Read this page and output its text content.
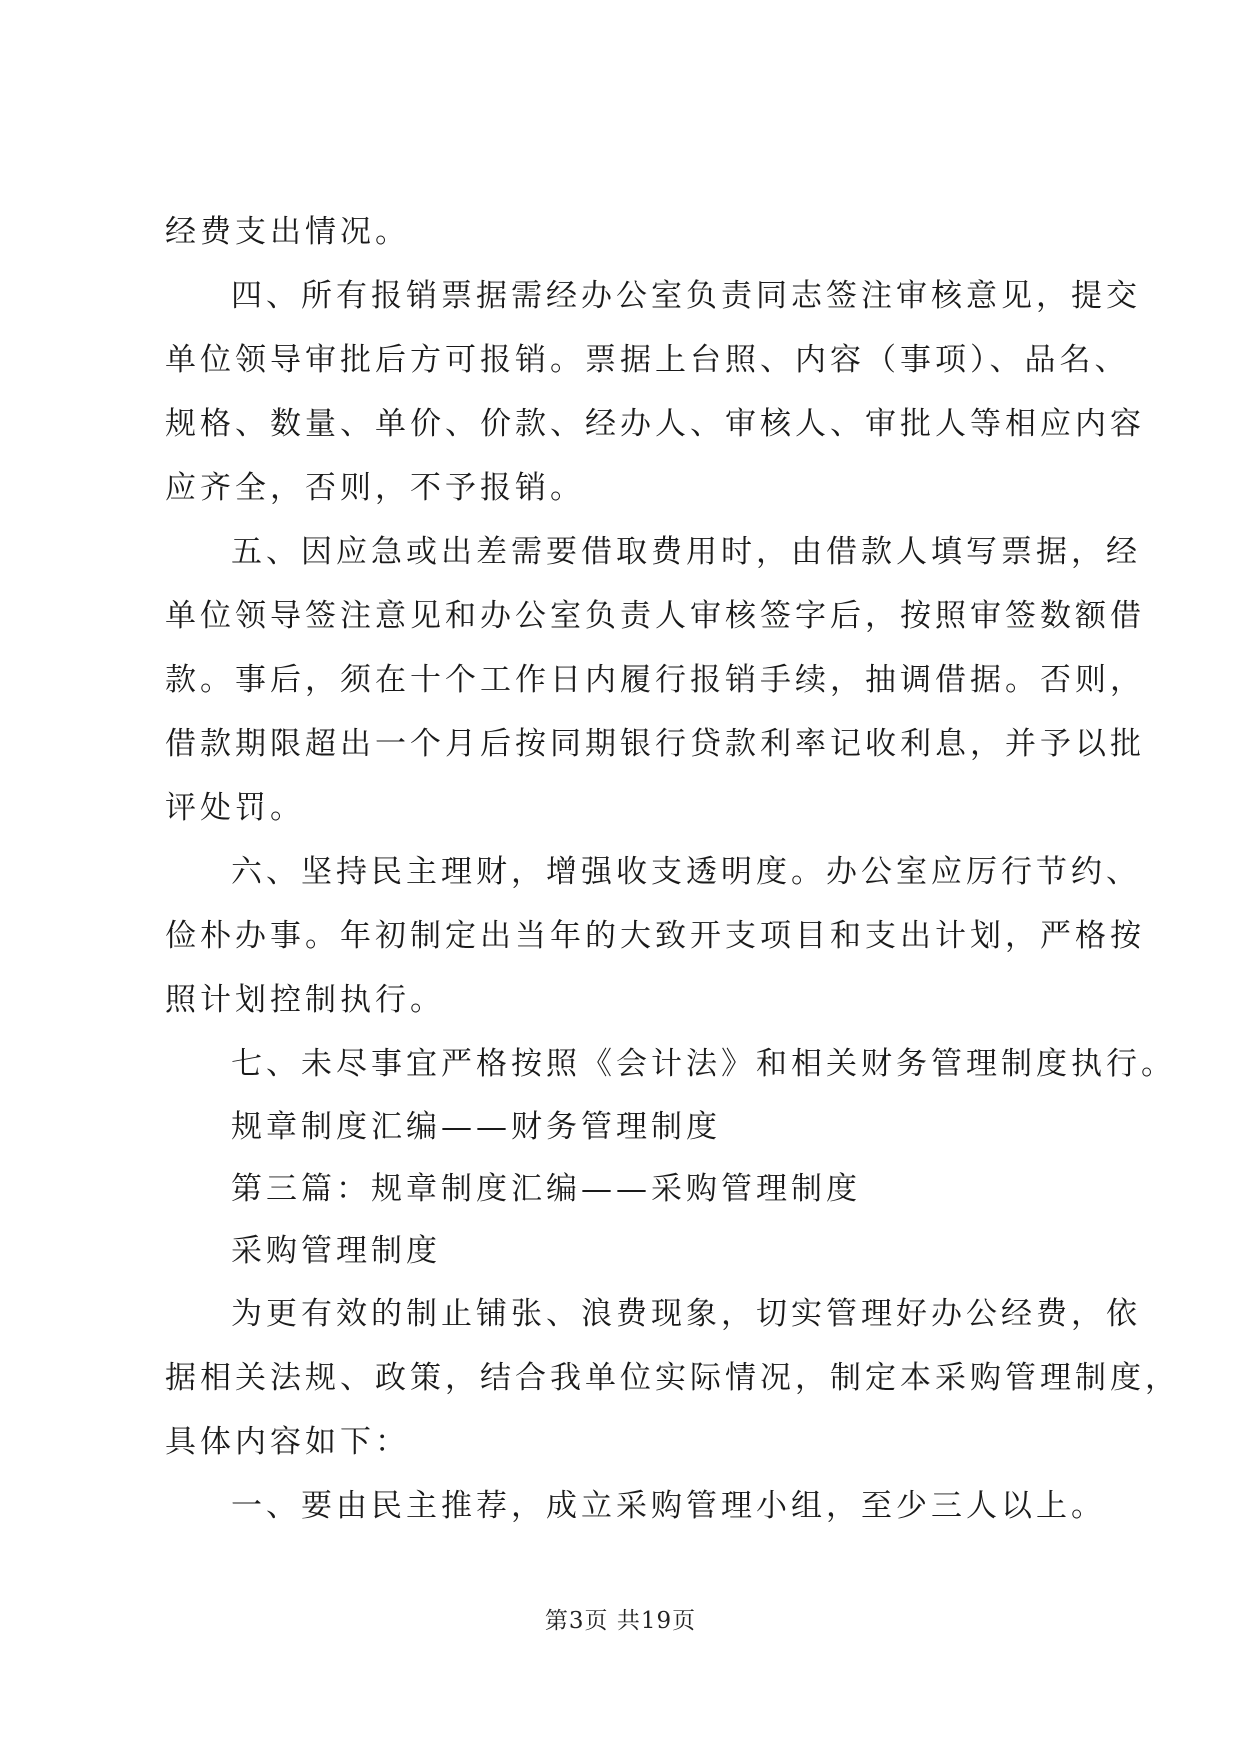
经费支出情况。
四、所有报销票据需经办公室负责同志签注审核意见，提交
单位领导审批后方可报销。票据上台照、内容（事项）、品名、
规格、数量、单价、价款、经办人、审核人、审批人等相应内容
应齐全，否则，不予报销。
五、因应急或出差需要借取费用时，由借款人填写票据，经
单位领导签注意见和办公室负责人审核签字后，按照审签数额借
款。事后，须在十个工作日内履行报销手续，抽调借据。否则，
借款期限超出一个月后按同期银行贷款利率记收利息，并予以批
评处罚。
六、坚持民主理财，增强收支透明度。办公室应厉行节约、
俭朴办事。年初制定出当年的大致开支项目和支出计划，严格按
照计划控制执行。
七、未尽事宜严格按照《会计法》和相关财务管理制度执行。
规章制度汇编——财务管理制度
第三篇：规章制度汇编——采购管理制度
采购管理制度
为更有效的制止铺张、浪费现象，切实管理好办公经费，依
据相关法规、政策，结合我单位实际情况，制定本采购管理制度，
具体内容如下：
一、要由民主推荐，成立采购管理小组，至少三人以上。
第3页 共19页
